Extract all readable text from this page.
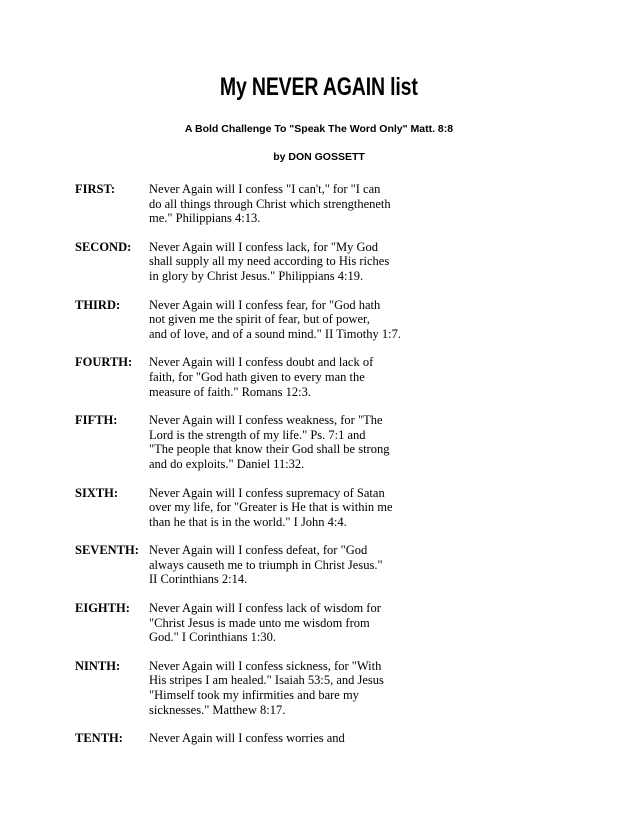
My NEVER AGAIN list
A Bold Challenge To "Speak The Word Only" Matt. 8:8
by DON GOSSETT
FIRST:	Never Again will I confess "I can't," for "I can
do all things through Christ which strengtheneth
me." Philippians 4:13.
SECOND:	Never Again will I confess lack, for "My God
shall supply all my need according to His riches
in glory by Christ Jesus." Philippians 4:19.
THIRD:	Never Again will I confess fear, for "God hath
not given me the spirit of fear, but of power,
and of love, and of a sound mind." II Timothy 1:7.
FOURTH:	Never Again will I confess doubt and lack of
faith, for "God hath given to every man the
measure of faith." Romans 12:3.
FIFTH:	Never Again will I confess weakness, for "The
Lord is the strength of my life." Ps. 7:1 and
"The people that know their God shall be strong
and do exploits." Daniel 11:32.
SIXTH:	Never Again will I confess supremacy of Satan
over my life, for "Greater is He that is within me
than he that is in the world." I John 4:4.
SEVENTH: Never Again will I confess defeat, for "God
always causeth me to triumph in Christ Jesus."
II Corinthians 2:14.
EIGHTH:	Never Again will I confess lack of wisdom for
"Christ Jesus is made unto me wisdom from
God." I Corinthians 1:30.
NINTH:	Never Again will I confess sickness, for "With
His stripes I am healed." Isaiah 53:5, and Jesus
"Himself took my infirmities and bare my
sicknesses." Matthew 8:17.
TENTH:	Never Again will I confess worries and
